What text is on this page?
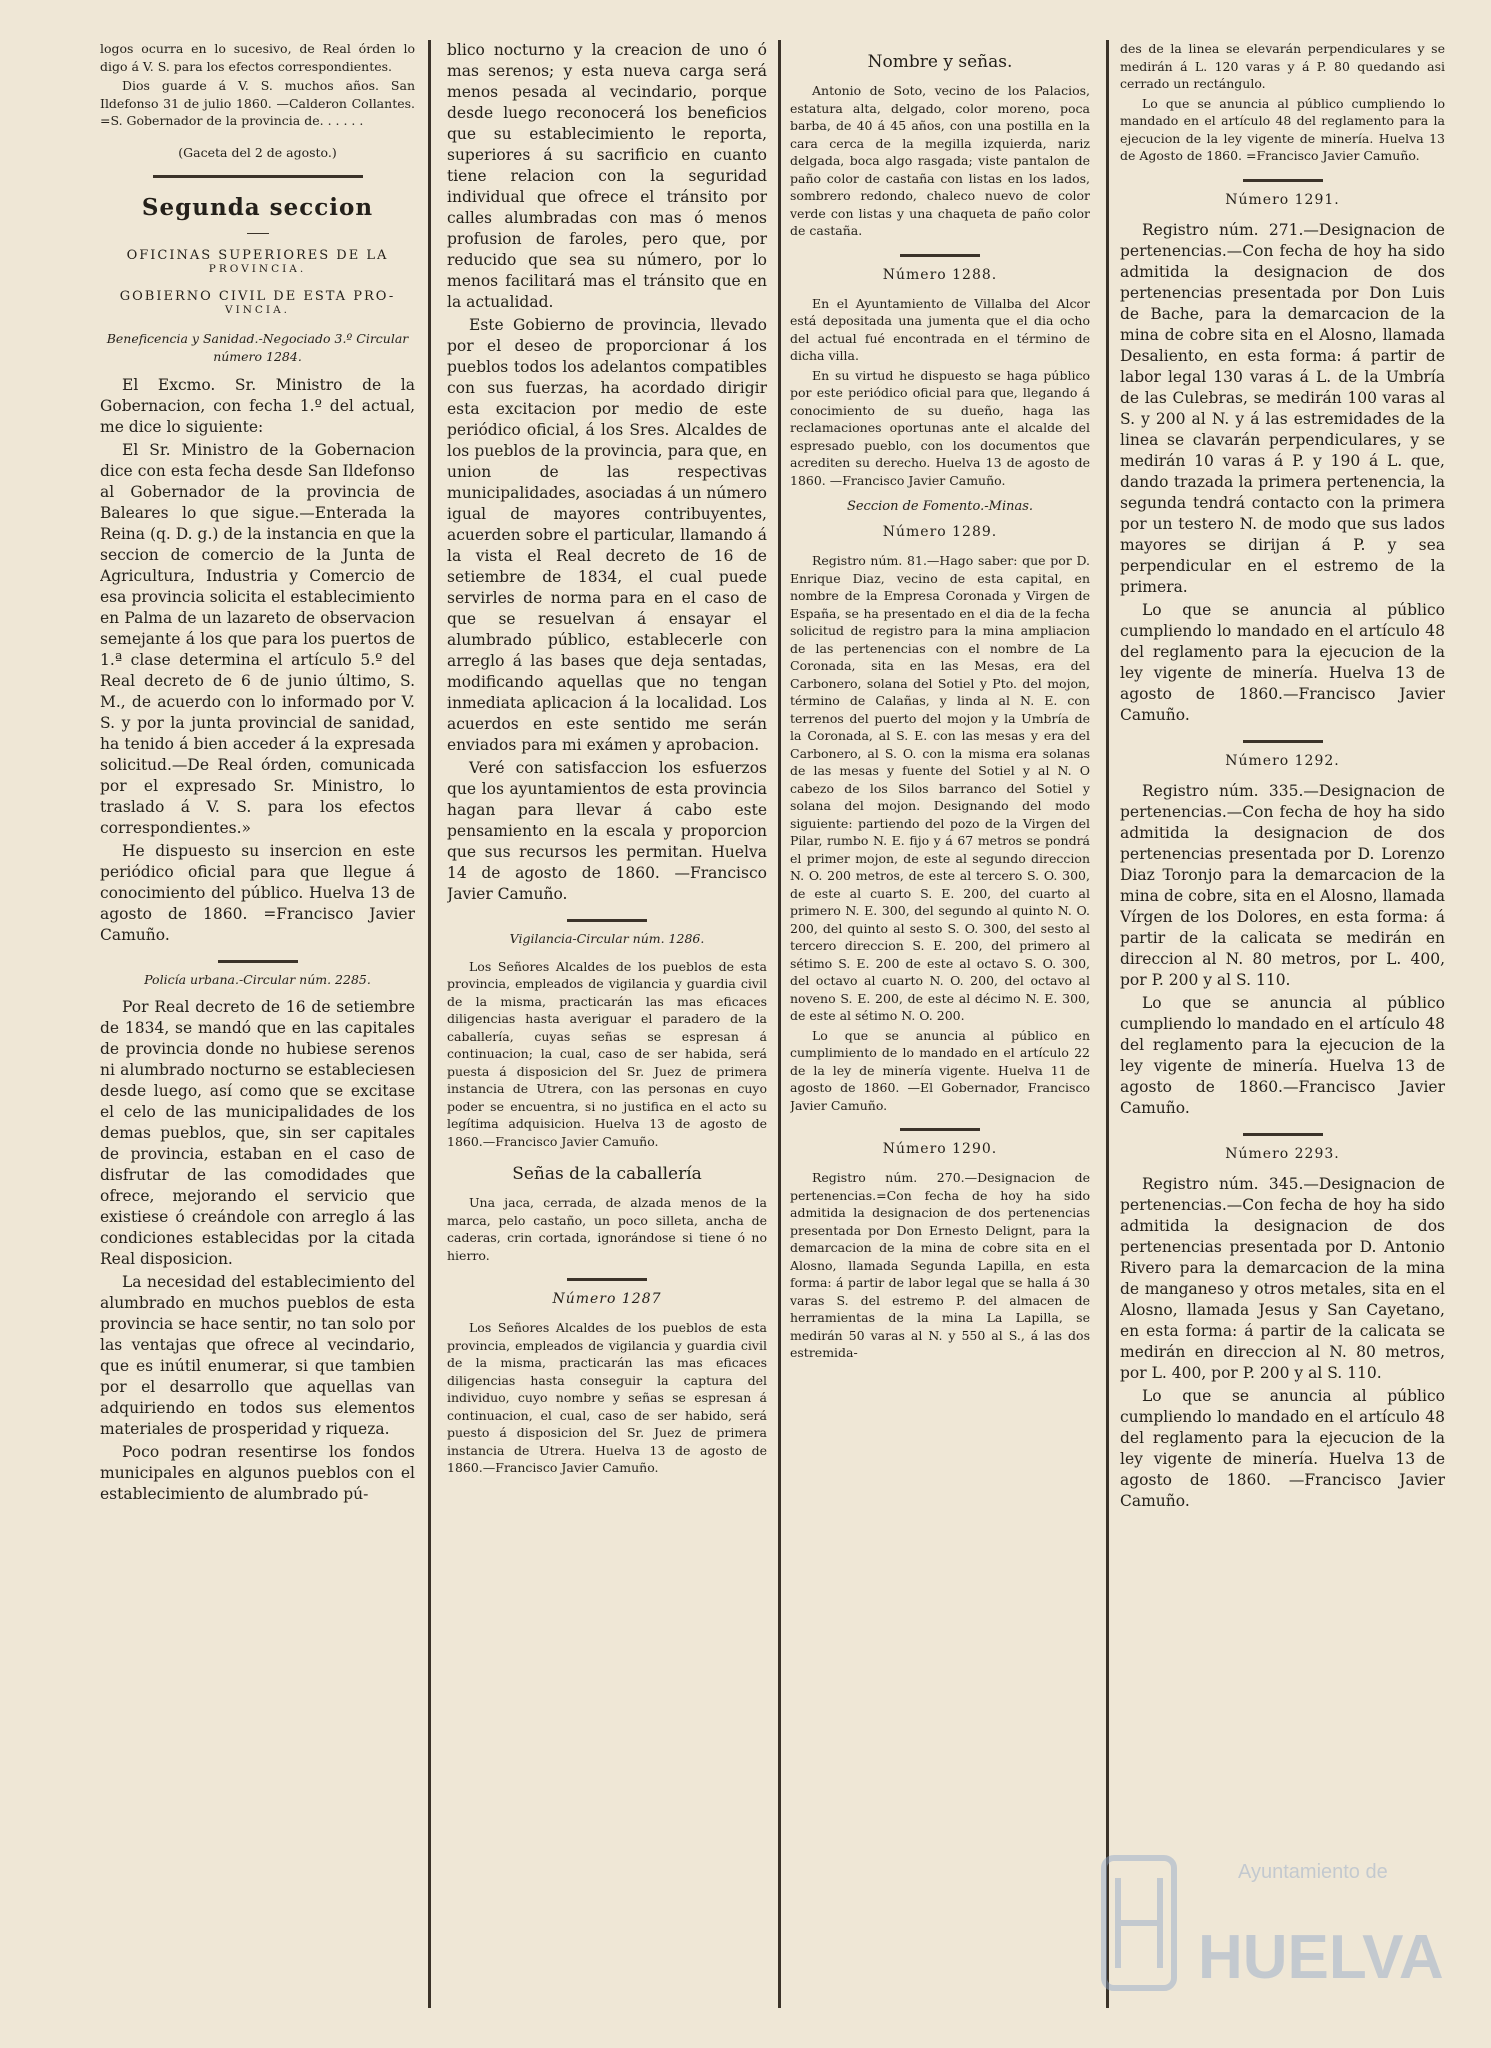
logos ocurra en lo sucesivo, de Real órden lo digo á V. S. para los efectos correspondientes.

Dios guarde á V. S. muchos años. San Ildefonso 31 de julio 1860. —Calderon Collantes. =S. Gobernador de la provincia de. . . . . .

(Gaceta del 2 de agosto.)
Segunda seccion
OFICINAS SUPERIORES DE LA
PROVINCIA.
GOBIERNO CIVIL DE ESTA PRO-
VINCIA.
Beneficencia y Sanidad.-Negociado 3.º Circular número 1284.

El Excmo. Sr. Ministro de la Gobernacion, con fecha 1.º del actual, me dice lo siguiente:

El Sr. Ministro de la Gobernacion dice con esta fecha desde San Ildefonso al Gobernador de la provincia de Baleares lo que sigue.—Enterada la Reina (q. D. g.) de la instancia en que la seccion de comercio de la Junta de Agricultura, Industria y Comercio de esa provincia solicita el establecimiento en Palma de un lazareto de observacion semejante á los que para los puertos de 1.ª clase determina el artículo 5.º del Real decreto de 6 de junio último, S. M., de acuerdo con lo informado por V. S. y por la junta provincial de sanidad, ha tenido á bien acceder á la expresada solicitud.—De Real órden, comunicada por el expresado Sr. Ministro, lo traslado á V. S. para los efectos correspondientes.»

He dispuesto su insercion en este periódico oficial para que llegue á conocimiento del público. Huelva 13 de agosto de 1860. =Francisco Javier Camuño.

Policía urbana.-Circular núm. 2285.

Por Real decreto de 16 de setiembre de 1834, se mandó que en las capitales de provincia donde no hubiese serenos ni alumbrado nocturno se estableciesen desde luego, así como que se excitase el celo de las municipalidades de los demas pueblos, que, sin ser capitales de provincia, estaban en el caso de disfrutar de las comodidades que ofrece, mejorando el servicio que existiese ó creándole con arreglo á las condiciones establecidas por la citada Real disposicion.

La necesidad del establecimiento del alumbrado en muchos pueblos de esta provincia se hace sentir, no tan solo por las ventajas que ofrece al vecindario, que es inútil enumerar, si que tambien por el desarrollo que aquellas van adquiriendo en todos sus elementos materiales de prosperidad y riqueza.

Poco podran resentirse los fondos municipales en algunos pueblos con el establecimiento de alumbrado pú-

blico nocturno y la creacion de uno ó mas serenos; y esta nueva carga será menos pesada al vecindario, porque desde luego reconocerá los beneficios que su establecimiento le reporta, superiores á su sacrificio en cuanto tiene relacion con la seguridad individual que ofrece el tránsito por calles alumbradas con mas ó menos profusion de faroles, pero que, por reducido que sea su número, por lo menos facilitará mas el tránsito que en la actualidad.

Este Gobierno de provincia, llevado por el deseo de proporcionar á los pueblos todos los adelantos compatibles con sus fuerzas, ha acordado dirigir esta excitacion por medio de este periódico oficial, á los Sres. Alcaldes de los pueblos de la provincia, para que, en union de las respectivas municipalidades, asociadas á un número igual de mayores contribuyentes, acuerden sobre el particular, llamando á la vista el Real decreto de 16 de setiembre de 1834, el cual puede servirles de norma para en el caso de que se resuelvan á ensayar el alumbrado público, establecerle con arreglo á las bases que deja sentadas, modificando aquellas que no tengan inmediata aplicacion á la localidad. Los acuerdos en este sentido me serán enviados para mi exámen y aprobacion.

Veré con satisfaccion los esfuerzos que los ayuntamientos de esta provincia hagan para llevar á cabo este pensamiento en la escala y proporcion que sus recursos les permitan. Huelva 14 de agosto de 1860. —Francisco Javier Camuño.

Vigilancia-Circular núm. 1286.

Los Señores Alcaldes de los pueblos de esta provincia, empleados de vigilancia y guardia civil de la misma, practicarán las mas eficaces diligencias hasta averiguar el paradero de la caballería, cuyas señas se espresan á continuacion; la cual, caso de ser habida, será puesta á disposicion del Sr. Juez de primera instancia de Utrera, con las personas en cuyo poder se encuentra, si no justifica en el acto su legítima adquisicion. Huelva 13 de agosto de 1860.—Francisco Javier Camuño.

Señas de la caballería

Una jaca, cerrada, de alzada menos de la marca, pelo castaño, un poco silleta, ancha de caderas, crin cortada, ignorándose si tiene ó no hierro.

Número 1287

Los Señores Alcaldes de los pueblos de esta provincia, empleados de vigilancia y guardia civil de la misma, practicarán las mas eficaces diligencias hasta conseguir la captura del individuo, cuyo nombre y señas se espresan á continuacion, el cual, caso de ser habido, será puesto á disposicion del Sr. Juez de primera instancia de Utrera. Huelva 13 de agosto de 1860.—Francisco Javier Camuño.

Nombre y señas.

Antonio de Soto, vecino de los Palacios, estatura alta, delgado, color moreno, poca barba, de 40 á 45 años, con una postilla en la cara cerca de la megilla izquierda, nariz delgada, boca algo rasgada; viste pantalon de paño color de castaña con listas en los lados, sombrero redondo, chaleco nuevo de color verde con listas y una chaqueta de paño color de castaña.

Número 1288.

En el Ayuntamiento de Villalba del Alcor está depositada una jumenta que el dia ocho del actual fué encontrada en el término de dicha villa.

En su virtud he dispuesto se haga público por este periódico oficial para que, llegando á conocimiento de su dueño, haga las reclamaciones oportunas ante el alcalde del espresado pueblo, con los documentos que acrediten su derecho. Huelva 13 de agosto de 1860. —Francisco Javier Camuño.

Seccion de Fomento.-Minas.
Número 1289.

Registro núm. 81.—Hago saber: que por D. Enrique Diaz, vecino de esta capital, en nombre de la Empresa Coronada y Virgen de España, se ha presentado en el dia de la fecha solicitud de registro para la mina ampliacion de las pertenencias con el nombre de La Coronada, sita en las Mesas, era del Carbonero, solana del Sotiel y Pto. del mojon, término de Calañas, y linda al N. E. con terrenos del puerto del mojon y la Umbría de la Coronada, al S. E. con las mesas y era del Carbonero, al S. O. con la misma era solanas de las mesas y fuente del Sotiel y al N. O cabezo de los Silos barranco del Sotiel y solana del mojon. Designando del modo siguiente: partiendo del pozo de la Virgen del Pilar, rumbo N. E. fijo y á 67 metros se pondrá el primer mojon, de este al segundo direccion N. O. 200 metros, de este al tercero S. O. 300, de este al cuarto S. E. 200, del cuarto al primero N. E. 300, del segundo al quinto N. O. 200, del quinto al sesto S. O. 300, del sesto al tercero direccion S. E. 200, del primero al sétimo S. E. 200 de este al octavo S. O. 300, del octavo al cuarto N. O. 200, del octavo al noveno S. E. 200, de este al décimo N. E. 300, de este al sétimo N. O. 200.

Lo que se anuncia al público en cumplimiento de lo mandado en el artículo 22 de la ley de minería vigente. Huelva 11 de agosto de 1860. —El Gobernador, Francisco Javier Camuño.

Número 1290.

Registro núm. 270.—Designacion de pertenencias.=Con fecha de hoy ha sido admitida la designacion de dos pertenencias presentada por Don Ernesto Delignt, para la demarcacion de la mina de cobre sita en el Alosno, llamada Segunda Lapilla, en esta forma: á partir de labor legal que se halla á 30 varas S. del estremo P. del almacen de herramientas de la mina La Lapilla, se medirán 50 varas al N. y 550 al S., á las dos estremida-

des de la linea se elevarán perpendiculares y se medirán á L. 120 varas y á P. 80 quedando asi cerrado un rectángulo.

Lo que se anuncia al público cumpliendo lo mandado en el artículo 48 del reglamento para la ejecucion de la ley vigente de minería. Huelva 13 de Agosto de 1860. =Francisco Javier Camuño.

Número 1291.

Registro núm. 271.—Designacion de pertenencias.—Con fecha de hoy ha sido admitida la designacion de dos pertenencias presentada por Don Luis de Bache, para la demarcacion de la mina de cobre sita en el Alosno, llamada Desaliento, en esta forma: á partir de labor legal 130 varas á L. de la Umbría de las Culebras, se medirán 100 varas al S. y 200 al N. y á las estremidades de la linea se clavarán perpendiculares, y se medirán 10 varas á P. y 190 á L. que, dando trazada la primera pertenencia, la segunda tendrá contacto con la primera por un testero N. de modo que sus lados mayores se dirijan á P. y sea perpendicular en el estremo de la primera.

Lo que se anuncia al público cumpliendo lo mandado en el artículo 48 del reglamento para la ejecucion de la ley vigente de minería. Huelva 13 de agosto de 1860.—Francisco Javier Camuño.

Número 1292.

Registro núm. 335.—Designacion de pertenencias.—Con fecha de hoy ha sido admitida la designacion de dos pertenencias presentada por D. Lorenzo Diaz Toronjo para la demarcacion de la mina de cobre, sita en el Alosno, llamada Vírgen de los Dolores, en esta forma: á partir de la calicata se medirán en direccion al N. 80 metros, por L. 400, por P. 200 y al S. 110.

Lo que se anuncia al público cumpliendo lo mandado en el artículo 48 del reglamento para la ejecucion de la ley vigente de minería. Huelva 13 de agosto de 1860.—Francisco Javier Camuño.

Número 2293.

Registro núm. 345.—Designacion de pertenencias.—Con fecha de hoy ha sido admitida la designacion de dos pertenencias presentada por D. Antonio Rivero para la demarcacion de la mina de manganeso y otros metales, sita en el Alosno, llamada Jesus y San Cayetano, en esta forma: á partir de la calicata se medirán en direccion al N. 80 metros, por L. 400, por P. 200 y al S. 110.

Lo que se anuncia al público cumpliendo lo mandado en el artículo 48 del reglamento para la ejecucion de la ley vigente de minería. Huelva 13 de agosto de 1860. —Francisco Javier Camuño.

Ayuntamiento de
HUELVA
